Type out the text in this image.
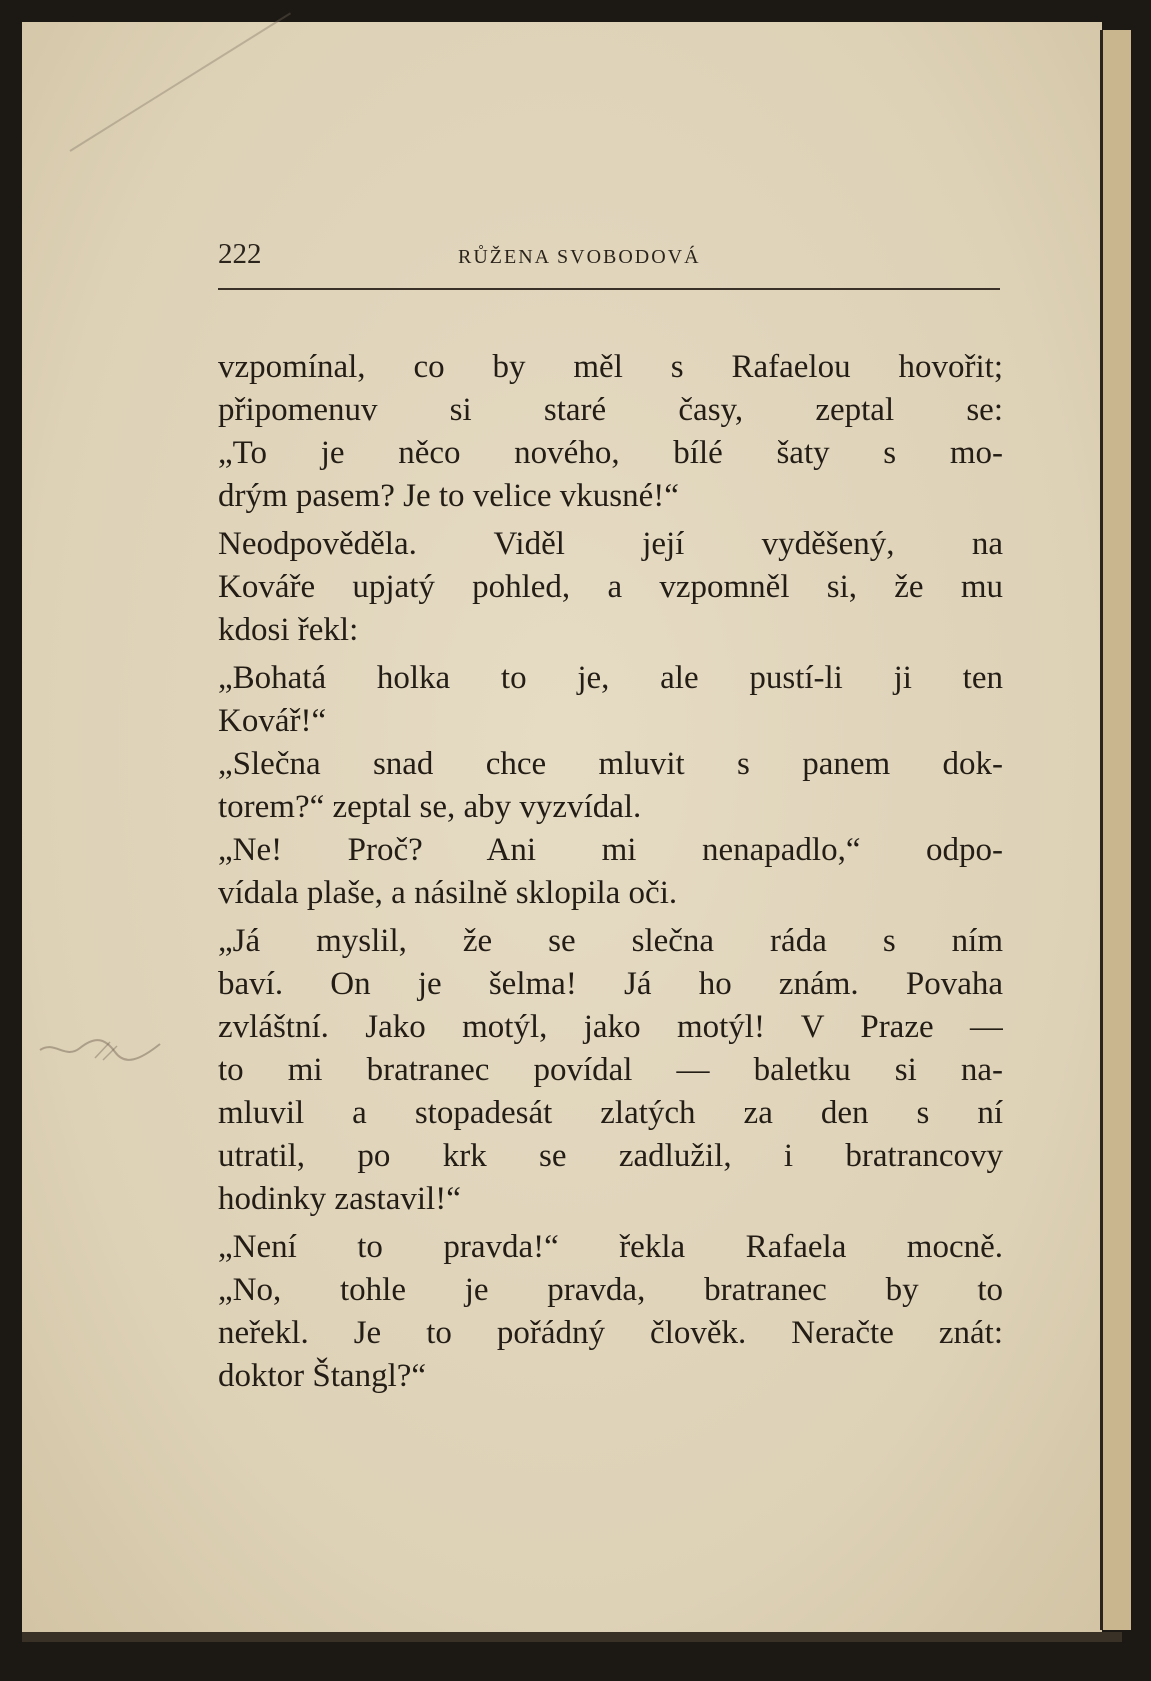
222	RŮŽENA SVOBODOVÁ
vzpomínal, co by měl s Rafaelou hovořit;
připomenuv si staré časy, zeptal se:
„To je něco nového, bílé šaty s mo-
drým pasem? Je to velice vkusné!“
Neodpověděla. Viděl její vyděšený, na
Kováře upjatý pohled, a vzpomněl si, že mu
kdosi řekl:
„Bohatá holka to je, ale pustí-li ji ten
Kovář!“
„Slečna snad chce mluvit s panem dok-
torem?“ zeptal se, aby vyzvídal.
„Ne! Proč? Ani mi nenapadlo,“ odpo-
vídala plaše, a násilně sklopila oči.
„Já myslil, že se slečna ráda s ním
baví. On je šelma! Já ho znám. Povaha
zvláštní. Jako motýl, jako motýl! V Praze —
to mi bratranec povídal — baletku si na-
mluvil a stopadesát zlatých za den s ní
utratil, po krk se zadlužil, i bratrancovy
hodinky zastavil!“
„Není to pravda!“ řekla Rafaela mocně.
„No, tohle je pravda, bratranec by to
neřekl. Je to pořádný člověk. Neračte znát:
doktor Štangl?“
